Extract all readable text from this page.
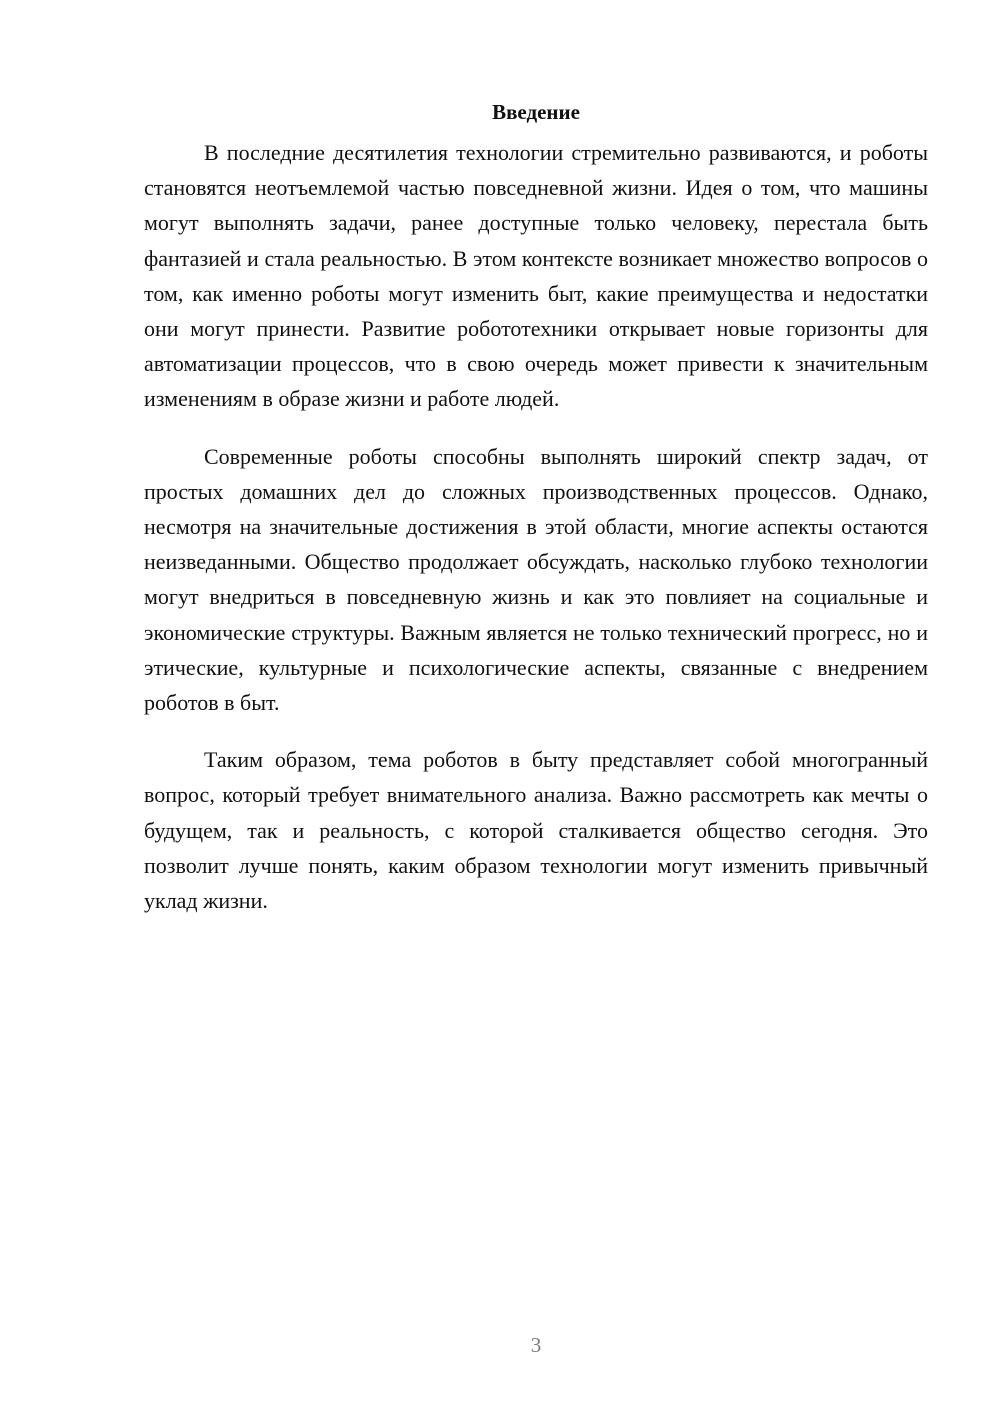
Введение

В последние десятилетия технологии стремительно развиваются, и роботы становятся неотъемлемой частью повседневной жизни. Идея о том, что машины могут выполнять задачи, ранее доступные только человеку, перестала быть фантазией и стала реальностью. В этом контексте возникает множество вопросов о том, как именно роботы могут изменить быт, какие преимущества и недостатки они могут принести. Развитие робототехники открывает новые горизонты для автоматизации процессов, что в свою очередь может привести к значительным изменениям в образе жизни и работе людей.

Современные роботы способны выполнять широкий спектр задач, от простых домашних дел до сложных производственных процессов. Однако, несмотря на значительные достижения в этой области, многие аспекты остаются неизведанными. Общество продолжает обсуждать, насколько глубоко технологии могут внедриться в повседневную жизнь и как это повлияет на социальные и экономические структуры. Важным является не только технический прогресс, но и этические, культурные и психологические аспекты, связанные с внедрением роботов в быт.

Таким образом, тема роботов в быту представляет собой многогранный вопрос, который требует внимательного анализа. Важно рассмотреть как мечты о будущем, так и реальность, с которой сталкивается общество сегодня. Это позволит лучше понять, каким образом технологии могут изменить привычный уклад жизни.

3
